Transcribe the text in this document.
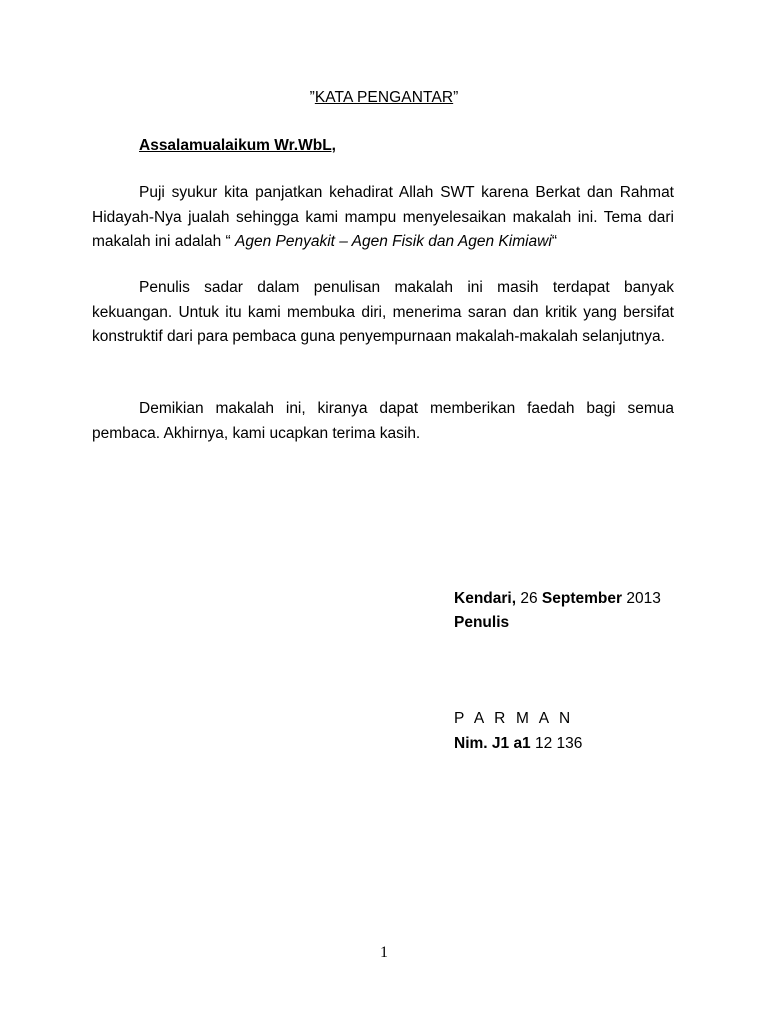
”KATA PENGANTAR”
Assalamualaikum Wr.WbL,

Puji syukur kita panjatkan kehadirat Allah SWT karena Berkat dan Rahmat Hidayah-Nya jualah sehingga kami mampu menyelesaikan makalah ini. Tema dari makalah ini adalah “ Agen Penyakit – Agen Fisik dan Agen Kimiawi“

Penulis sadar dalam penulisan makalah ini masih terdapat banyak kekuangan. Untuk itu kami membuka diri, menerima saran dan kritik yang bersifat konstruktif dari para pembaca guna penyempurnaan makalah-makalah selanjutnya.

Demikian makalah ini, kiranya dapat memberikan faedah bagi semua pembaca. Akhirnya, kami ucapkan terima kasih.

Kendari, 26 September 2013
Penulis
P A R M A N
Nim. J1 a1 12 136
1
